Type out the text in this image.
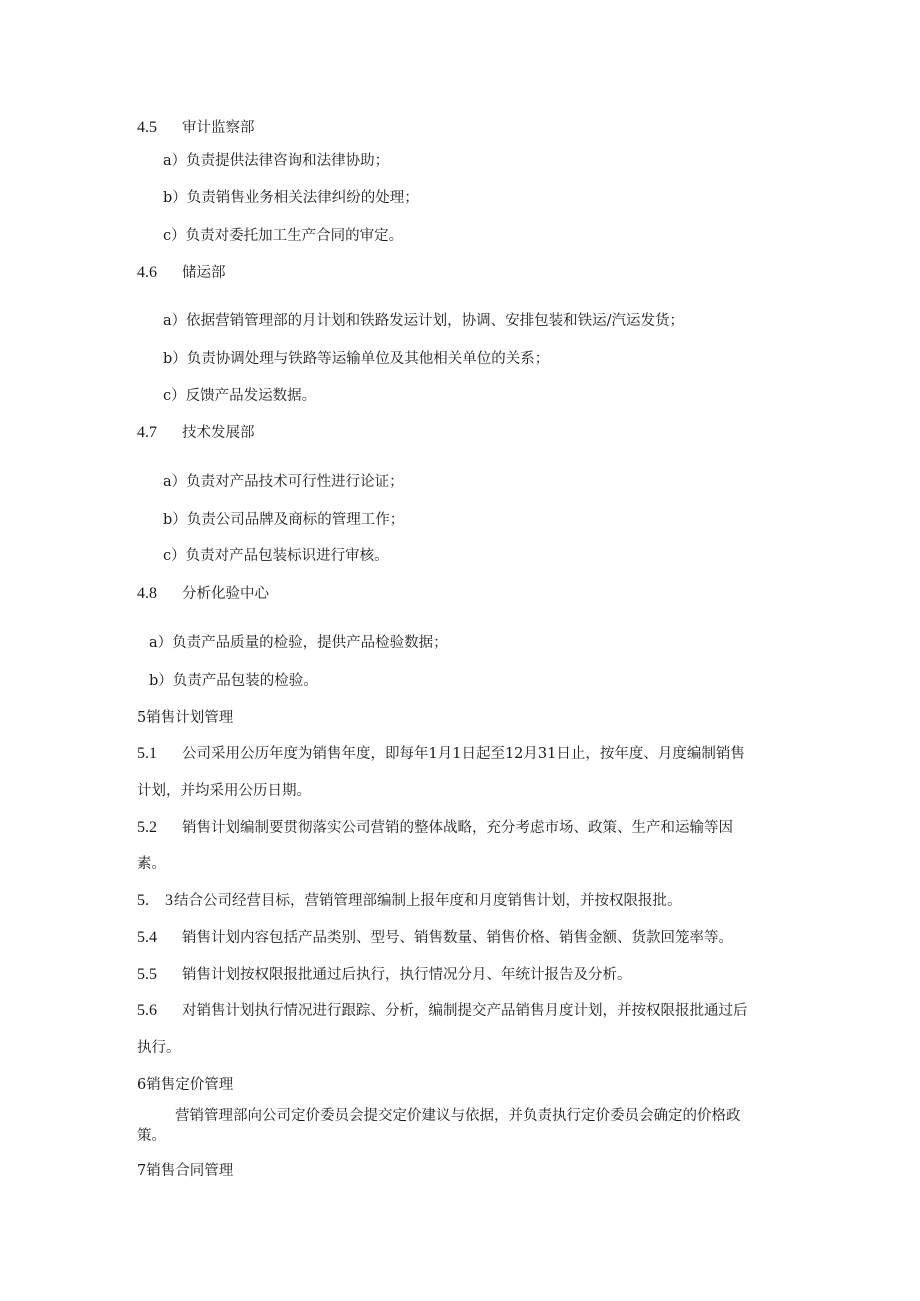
4.5 审计监察部
a）负责提供法律咨询和法律协助；
b）负责销售业务相关法律纠纷的处理；
c）负责对委托加工生产合同的审定。
4.6 储运部
a）依据营销管理部的月计划和铁路发运计划，协调、安排包装和铁运/汽运发货；
b）负责协调处理与铁路等运输单位及其他相关单位的关系；
c）反馈产品发运数据。
4.7 技术发展部
a）负责对产品技术可行性进行论证；
b）负责公司品牌及商标的管理工作；
c）负责对产品包装标识进行审核。
4.8 分析化验中心
a）负责产品质量的检验，提供产品检验数据；
b）负责产品包装的检验。
5销售计划管理
5.1 公司采用公历年度为销售年度，即每年1月1日起至12月31日止，按年度、月度编制销售
计划，并均采用公历日期。
5.2 销售计划编制要贯彻落实公司营销的整体战略，充分考虑市场、政策、生产和运输等因
素。
5.　3 结合公司经营目标，营销管理部编制上报年度和月度销售计划，并按权限报批。
5.4 销售计划内容包括产品类别、型号、销售数量、销售价格、销售金额、货款回笼率等。
5.5 销售计划按权限报批通过后执行，执行情况分月、年统计报告及分析。
5.6 对销售计划执行情况进行跟踪、分析，编制提交产品销售月度计划，并按权限报批通过后
执行。
6销售定价管理
营销管理部向公司定价委员会提交定价建议与依据，并负责执行定价委员会确定的价格政
策。
7销售合同管理
